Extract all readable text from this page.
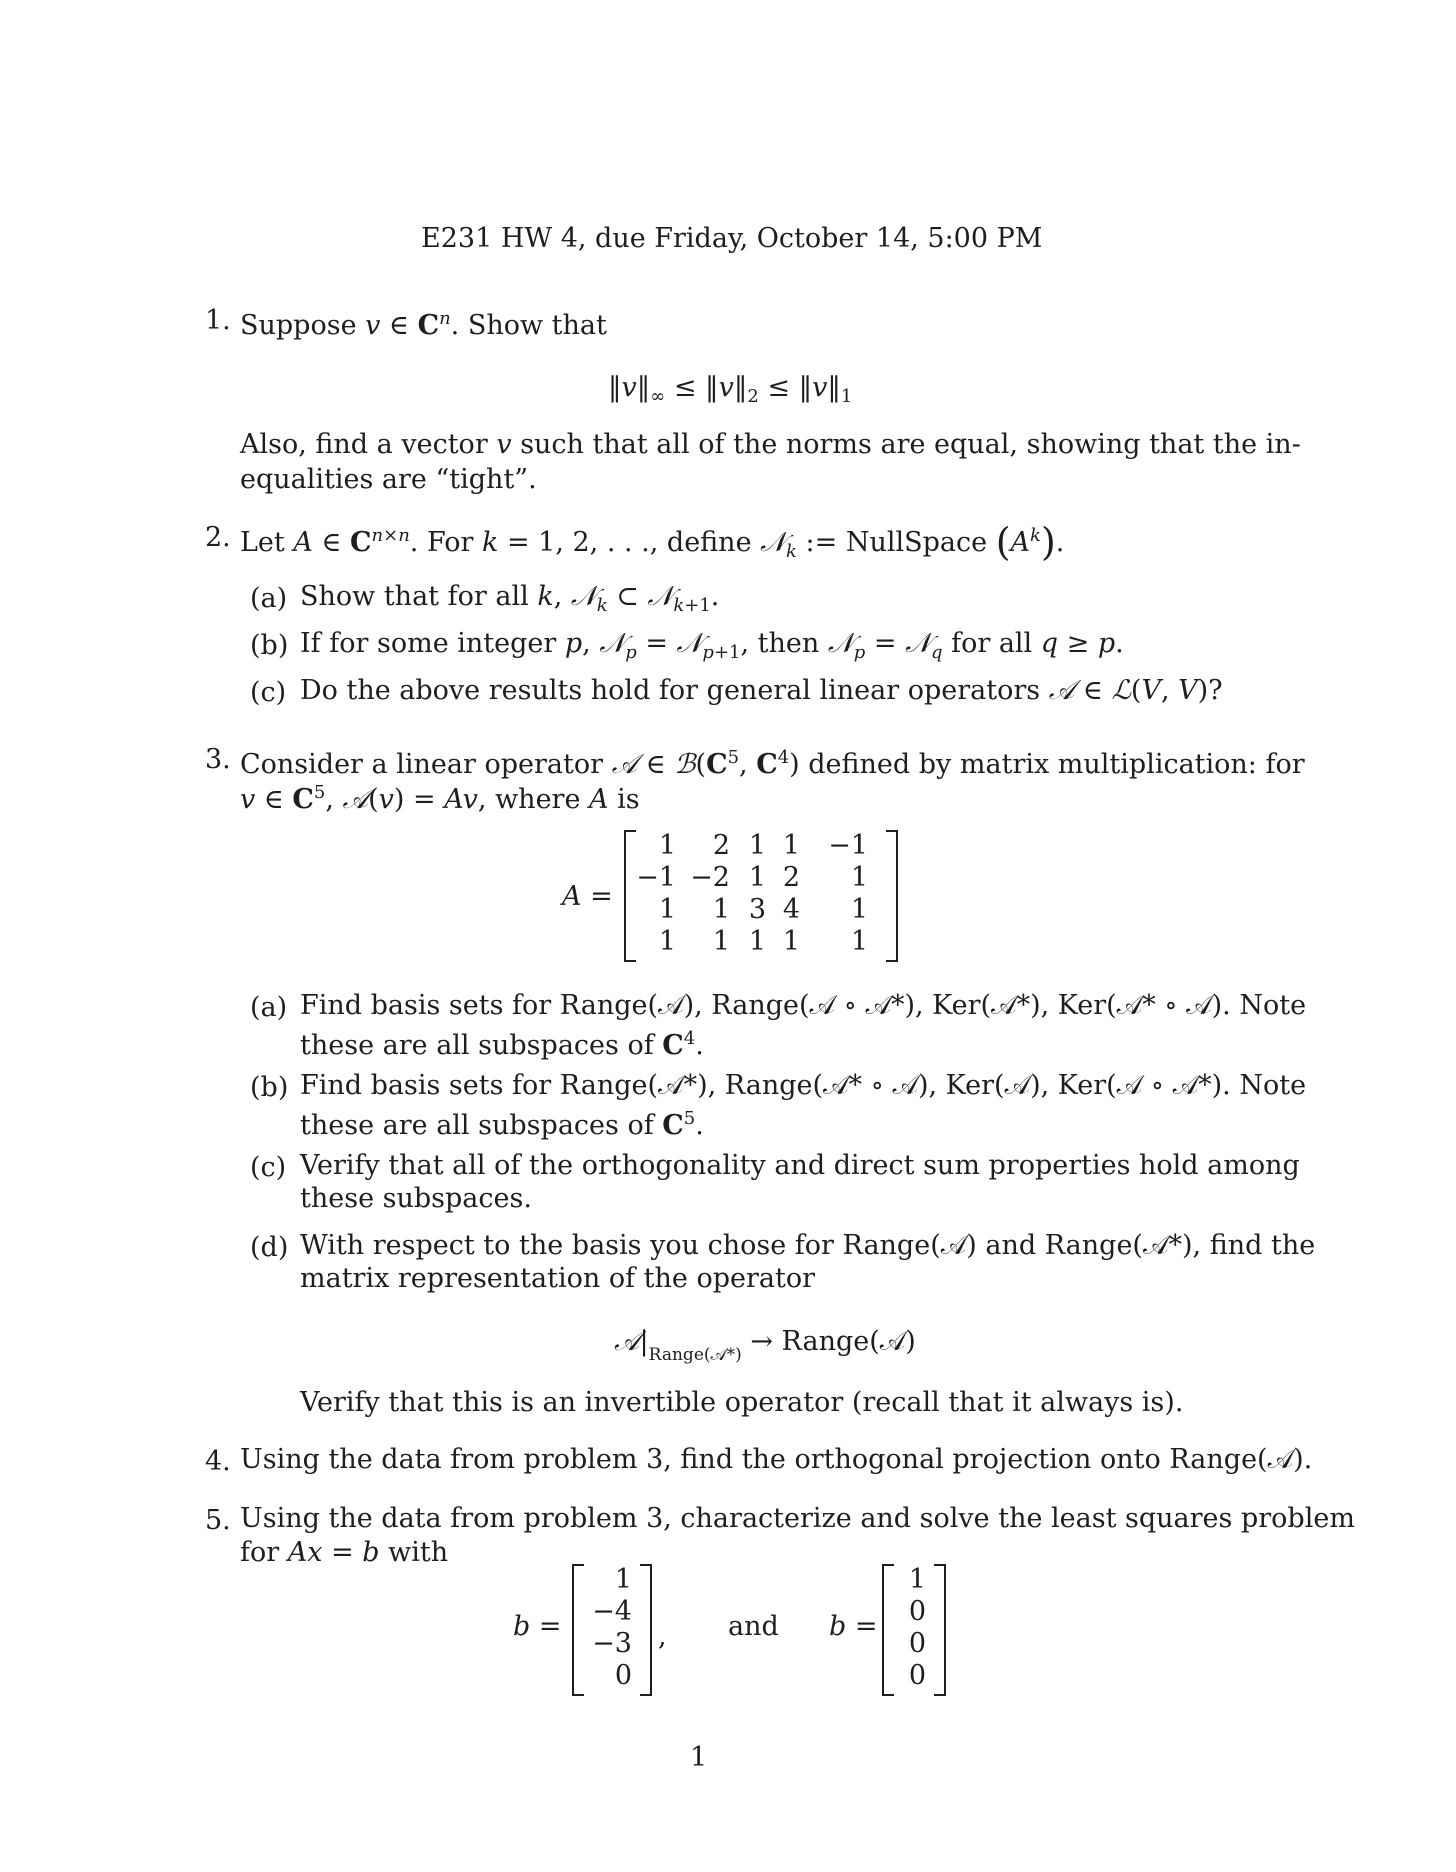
E231 HW 4, due Friday, October 14, 5:00 PM
1. Suppose v ∈ $C^n$. Show that
$‖v‖_\infty$ ≤ $‖v‖_2$ ≤ $‖v‖_1$
Also, find a vector v such that all of the norms are equal, showing that the in-
equalities are “tight”.
2. Let A ∈ $C^{n\times n}$. For k = 1, 2, . . ., define 𝒩$_k$ := NullSpace $(A^k)$.
(a) Show that for all k, 𝒩$_k$ ⊂ 𝒩$_{k+1}$.
(b) If for some integer p, 𝒩$_p$ = 𝒩$_{p+1}$, then 𝒩$_p$ = 𝒩$_q$ for all q ≥ p.
(c) Do the above results hold for general linear operators 𝒜 ∈ ℒ(V, V)?
3. Consider a linear operator 𝒜 ∈ $ℬ(C^5$, $C^4$) defined by matrix multiplication: for
v ∈ $C^5$, 𝒜(v) = Av, where A is
A =
1	2 1 1	−1
−1 −2 1 2	1
1	1 3 4	1
1	1 1 1	1
(a) Find basis sets for Range(𝒜), Range(𝒜 ∘ 𝒜*), Ker(𝒜*), Ker(𝒜* ∘ 𝒜). Note
these are all subspaces of $C^4$.
(b) Find basis sets for Range(𝒜*), Range(𝒜* ∘ 𝒜), Ker(𝒜), Ker(𝒜 ∘ 𝒜*). Note
these are all subspaces of $C^5$.
(c) Verify that all of the orthogonality and direct sum properties hold among
these subspaces.
(d) With respect to the basis you chose for Range(𝒜) and Range(𝒜*), find the
matrix representation of the operator
$𝒜|_{Range(𝒜*)}$ → Range(𝒜)
Verify that this is an invertible operator (recall that it always is).
4. Using the data from problem 3, find the orthogonal projection onto Range(𝒜).
5. Using the data from problem 3, characterize and solve the least squares problem
for Ax = b with
b =
1
−4
−3
0
, and b =
1
0
0
0
1
